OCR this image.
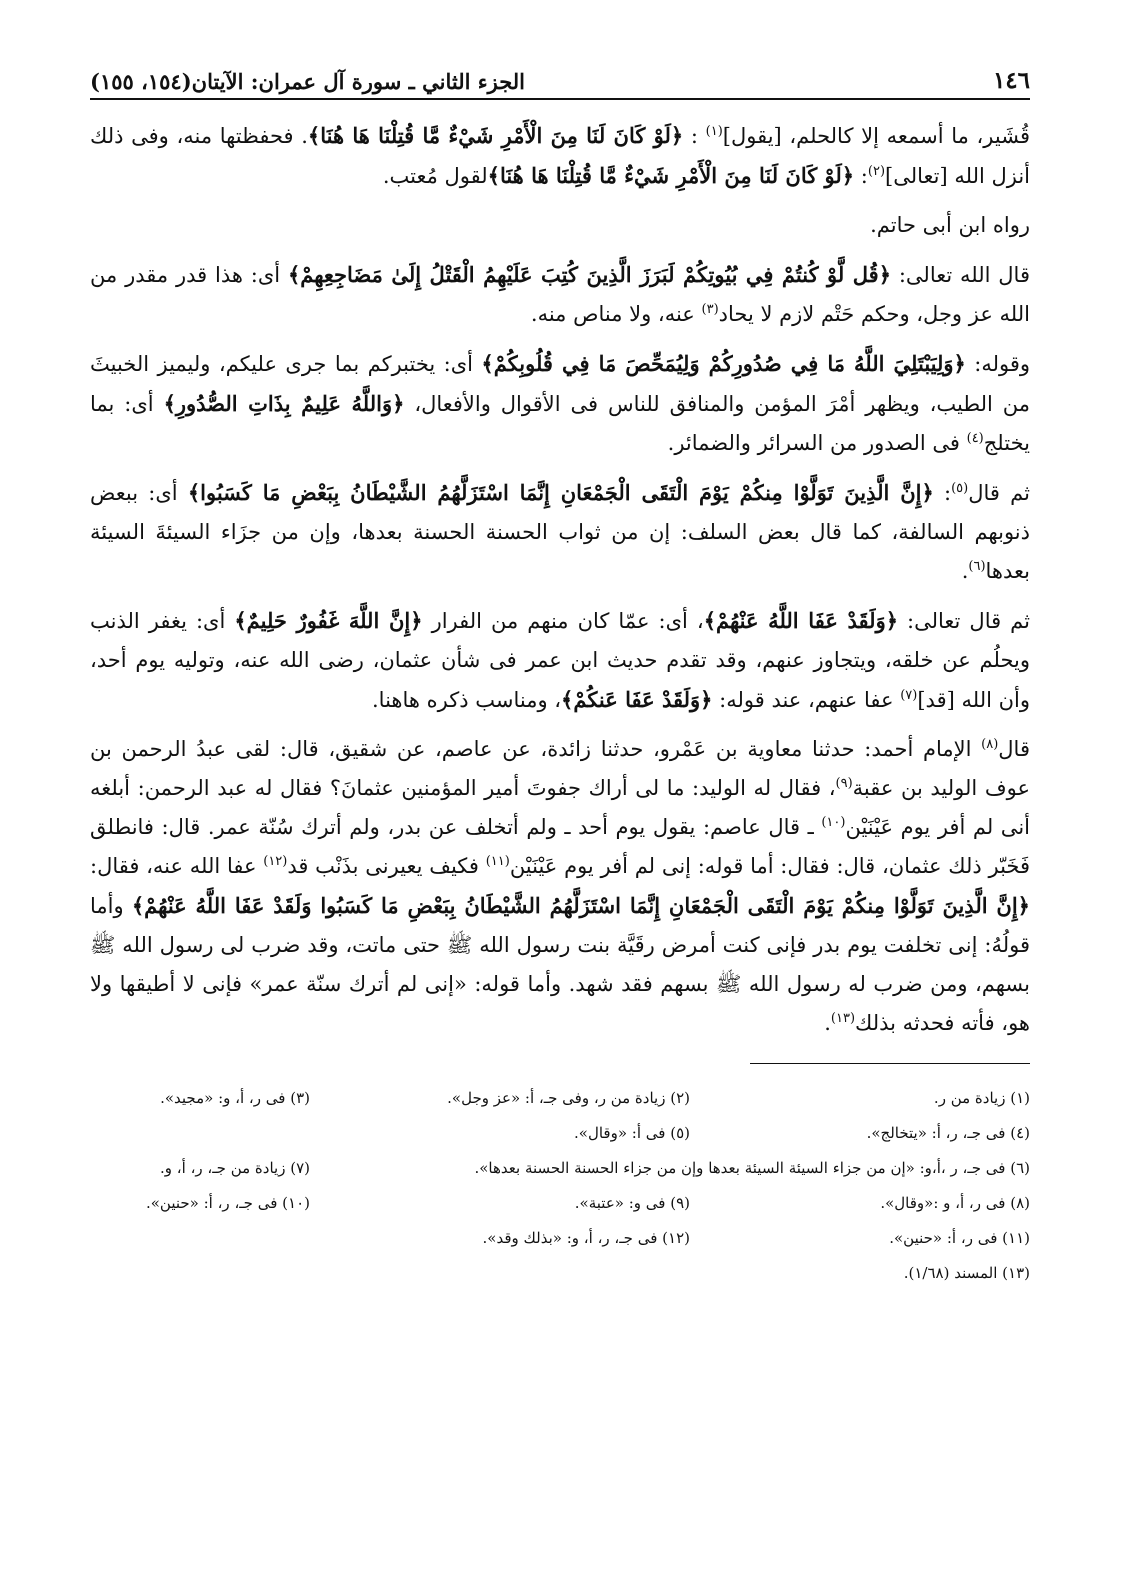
١٤٦
الجزء الثاني ـ سورة آل عمران: الآيتان(١٥٤، ١٥٥)

قُشَير، ما أسمعه إلا كالحلم، [يقول]$^{(١)}$ : ﴿لَوْ كَانَ لَنَا مِنَ الْأَمْرِ شَيْءٌ مَّا قُتِلْنَا هَا هُنَا﴾. فحفظتها منه، وفى ذلك أنزل الله [تعالى]$^{(٢)}$: ﴿لَوْ كَانَ لَنَا مِنَ الْأَمْرِ شَيْءٌ مَّا قُتِلْنَا هَا هُنَا﴾لقول مُعتب.

رواه ابن أبى حاتم.

قال الله تعالى: ﴿قُل لَّوْ كُنتُمْ فِي بُيُوتِكُمْ لَبَرَزَ الَّذِينَ كُتِبَ عَلَيْهِمُ الْقَتْلُ إِلَىٰ مَضَاجِعِهِمْ﴾ أى: هذا قدر مقدر من الله عز وجل، وحكم حَتْم لازم لا يحاد$^{(٣)}$ عنه، ولا مناص منه.

وقوله: ﴿وَلِيَبْتَلِيَ اللَّهُ مَا فِي صُدُورِكُمْ وَلِيُمَحِّصَ مَا فِي قُلُوبِكُمْ﴾ أى: يختبركم بما جرى عليكم، وليميز الخبيثَ من الطيب، ويظهر أمْرَ المؤمن والمنافق للناس فى الأقوال والأفعال، ﴿وَاللَّهُ عَلِيمٌ بِذَاتِ الصُّدُورِ﴾ أى: بما يختلج$^{(٤)}$ فى الصدور من السرائر والضمائر.

ثم قال$^{(٥)}$: ﴿إِنَّ الَّذِينَ تَوَلَّوْا مِنكُمْ يَوْمَ الْتَقَى الْجَمْعَانِ إِنَّمَا اسْتَزَلَّهُمُ الشَّيْطَانُ بِبَعْضِ مَا كَسَبُوا﴾ أى: ببعض ذنوبهم السالفة، كما قال بعض السلف: إن من ثواب الحسنة الحسنة بعدها، وإن من جزَاء السيئةَ السيئة بعدها$^{(٦)}$.

ثم قال تعالى: ﴿وَلَقَدْ عَفَا اللَّهُ عَنْهُمْ﴾، أى: عمّا كان منهم من الفرار ﴿إِنَّ اللَّهَ غَفُورٌ حَلِيمٌ﴾ أى: يغفر الذنب ويحلُم عن خلقه، ويتجاوز عنهم، وقد تقدم حديث ابن عمر فى شأن عثمان، رضى الله عنه، وتوليه يوم أحد، وأن الله [قد]$^{(٧)}$ عفا عنهم، عند قوله: ﴿وَلَقَدْ عَفَا عَنكُمْ﴾، ومناسب ذكره هاهنا.

قال$^{(٨)}$ الإمام أحمد: حدثنا معاوية بن عَمْرو، حدثنا زائدة، عن عاصم، عن شقيق، قال: لقى عبدُ الرحمن بن عوف الوليد بن عقبة$^{(٩)}$، فقال له الوليد: ما لى أراك جفوتَ أمير المؤمنين عثمانَ؟ فقال له عبد الرحمن: أبلغه أنى لم أفر يوم عَيْنَيْن$^{(١٠)}$ ـ قال عاصم: يقول يوم أحد ـ ولم أتخلف عن بدر، ولم أترك سُنّة عمر. قال: فانطلق فَخَبّر ذلك عثمان، قال: فقال: أما قوله: إنى لم أفر يوم عَيْنَيْن$^{(١١)}$ فكيف يعيرنى بذَنْب قد$^{(١٢)}$ عفا الله عنه، فقال: ﴿إِنَّ الَّذِينَ تَوَلَّوْا مِنكُمْ يَوْمَ الْتَقَى الْجَمْعَانِ إِنَّمَا اسْتَزَلَّهُمُ الشَّيْطَانُ بِبَعْضِ مَا كَسَبُوا وَلَقَدْ عَفَا اللَّهُ عَنْهُمْ﴾ وأما قولُهُ: إنى تخلفت يوم بدر فإنى كنت أمرض رقَيَّة بنت رسول الله ﷺ حتى ماتت، وقد ضرب لى رسول الله ﷺ بسهم، ومن ضرب له رسول الله ﷺ بسهم فقد شهد. وأما قوله: «إنى لم أترك سنّة عمر» فإنى لا أطيقها ولا هو، فأته فحدثه بذلك$^{(١٣)}$.

(١) زيادة من ر.
(٢) زيادة من ر، وفى جـ، أ: «عز وجل».
(٣) فى ر، أ، و: «مجيد».
(٤) فى جـ، ر، أ: «يتخالج».
(٥) فى أ: «وقال».
(٦) فى جـ، ر ،أ،و: «إن من جزاء السيئة السيئة بعدها وإن من جزاء الحسنة الحسنة بعدها».
(٧) زيادة من جـ، ر، أ، و.
(٨) فى ر، أ، و :«وقال».
(٩) فى و: «عتبة».
(١٠) فى جـ، ر، أ: «حنين».
(١١) فى ر، أ: «حنين».
(١٢) فى جـ، ر، أ، و: «بذلك وقد».
(١٣) المسند (١/٦٨).
